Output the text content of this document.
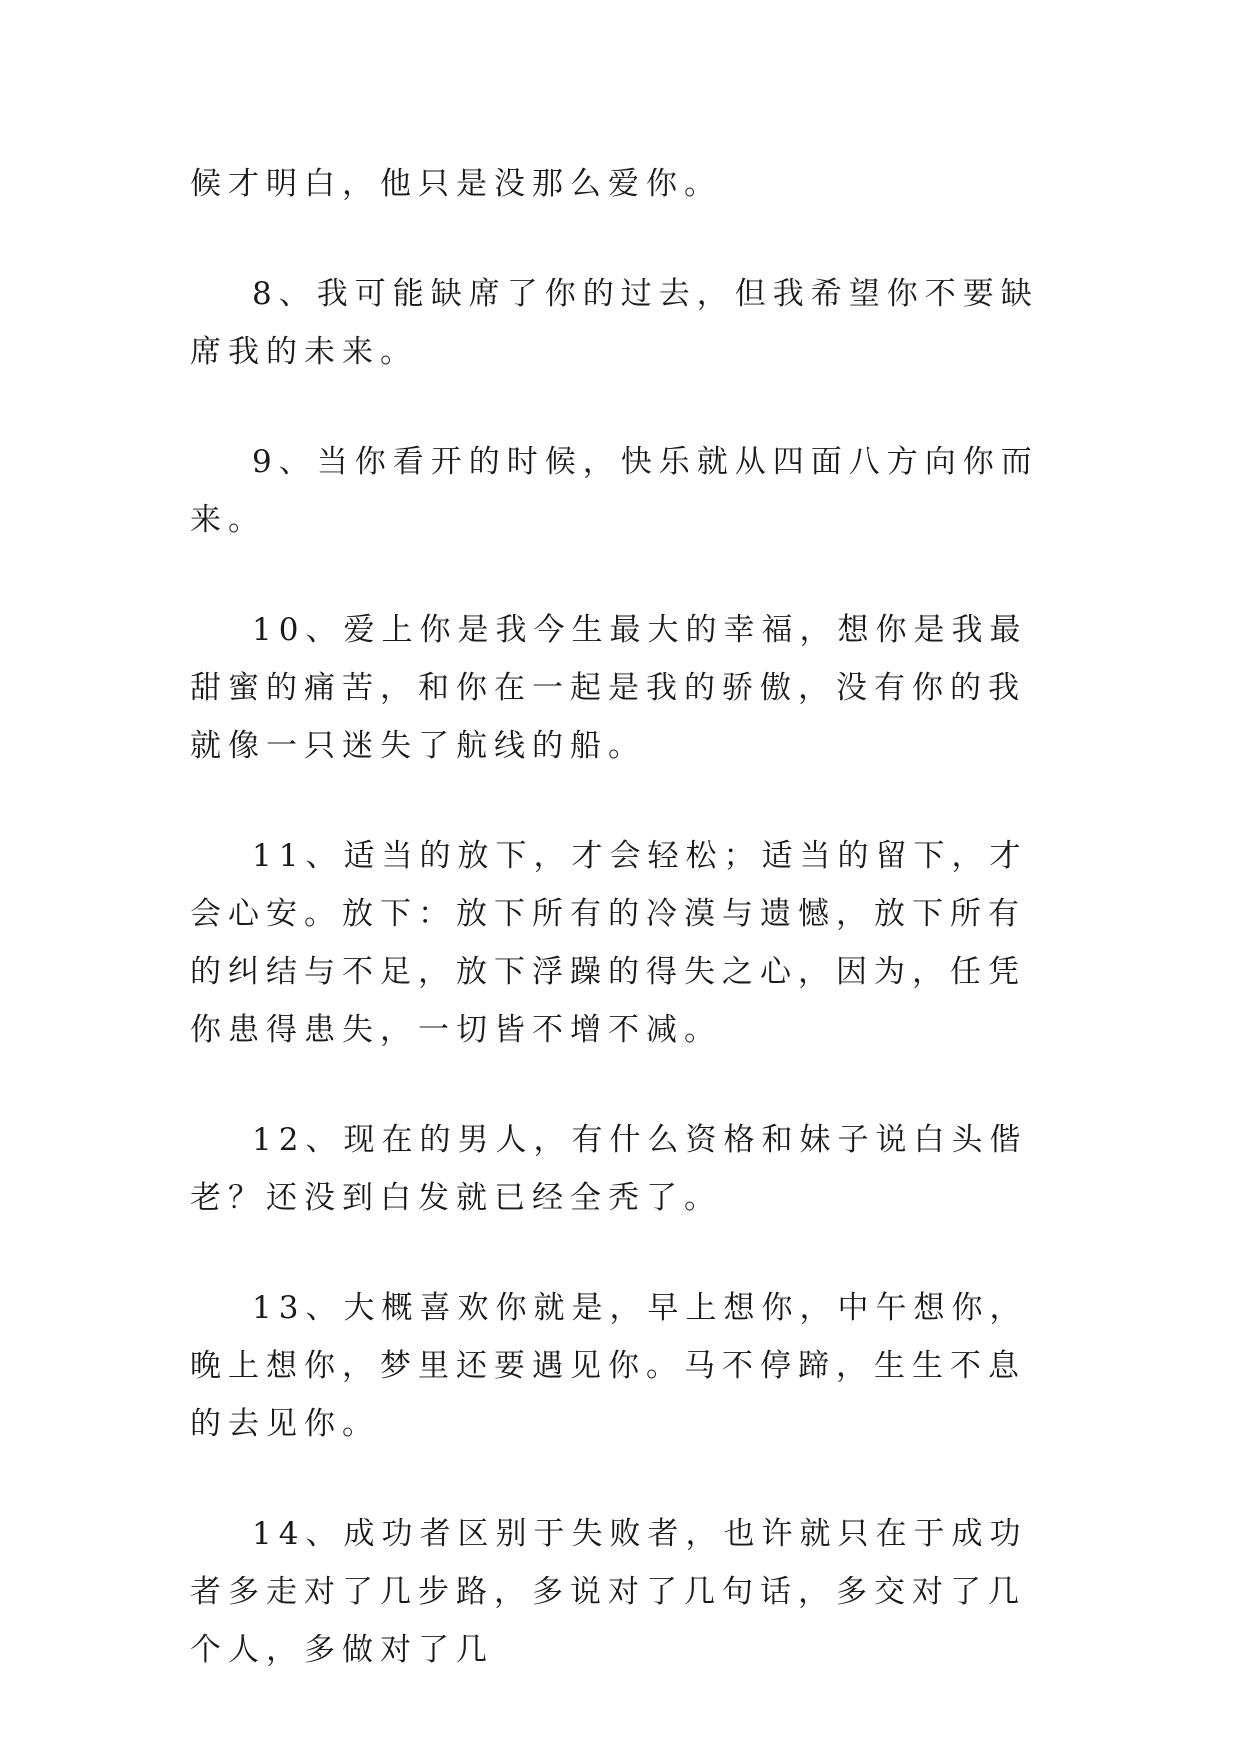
候才明白，他只是没那么爱你。

8、我可能缺席了你的过去，但我希望你不要缺席我的未来。

9、当你看开的时候，快乐就从四面八方向你而来。

10、爱上你是我今生最大的幸福，想你是我最甜蜜的痛苦，和你在一起是我的骄傲，没有你的我就像一只迷失了航线的船。

11、适当的放下，才会轻松；适当的留下，才会心安。放下：放下所有的冷漠与遗憾，放下所有的纠结与不足，放下浮躁的得失之心，因为，任凭你患得患失，一切皆不增不减。

12、现在的男人，有什么资格和妹子说白头偕老？还没到白发就已经全秃了。

13、大概喜欢你就是，早上想你，中午想你，晚上想你，梦里还要遇见你。马不停蹄，生生不息的去见你。

14、成功者区别于失败者，也许就只在于成功者多走对了几步路，多说对了几句话，多交对了几个人，多做对了几
